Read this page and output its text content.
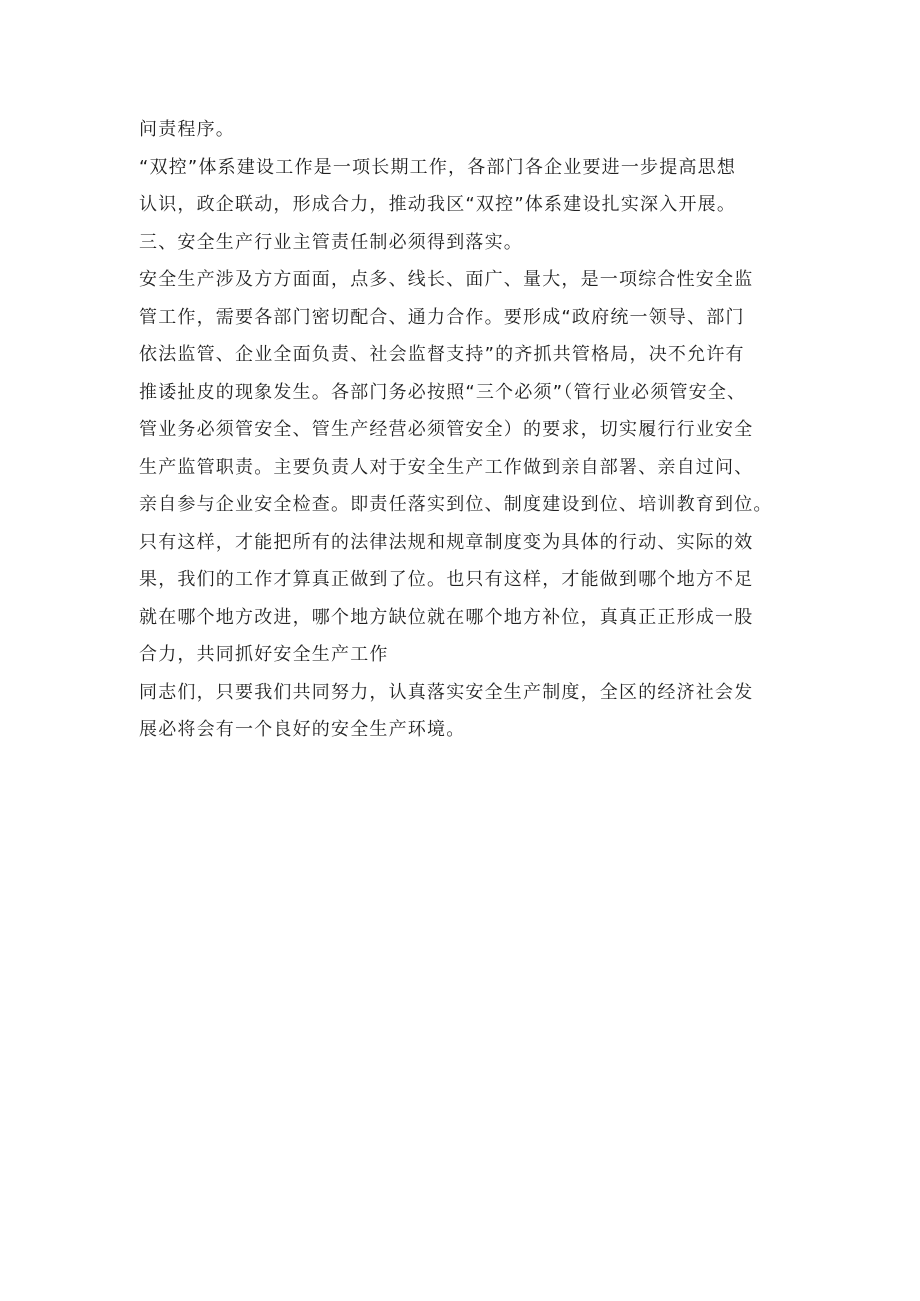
问责程序。
“双控”体系建设工作是一项长期工作，各部门各企业要进一步提高思想
认识，政企联动，形成合力，推动我区“双控”体系建设扎实深入开展。
三、安全生产行业主管责任制必须得到落实。
安全生产涉及方方面面，点多、线长、面广、量大，是一项综合性安全监
管工作，需要各部门密切配合、通力合作。要形成“政府统一领导、部门
依法监管、企业全面负责、社会监督支持”的齐抓共管格局，决不允许有
推诿扯皮的现象发生。各部门务必按照“三个必须”（管行业必须管安全、
管业务必须管安全、管生产经营必须管安全）的要求，切实履行行业安全
生产监管职责。主要负责人对于安全生产工作做到亲自部署、亲自过问、
亲自参与企业安全检查。即责任落实到位、制度建设到位、培训教育到位。
只有这样，才能把所有的法律法规和规章制度变为具体的行动、实际的效
果，我们的工作才算真正做到了位。也只有这样，才能做到哪个地方不足
就在哪个地方改进，哪个地方缺位就在哪个地方补位，真真正正形成一股
合力，共同抓好安全生产工作
同志们，只要我们共同努力，认真落实安全生产制度，全区的经济社会发
展必将会有一个良好的安全生产环境。
